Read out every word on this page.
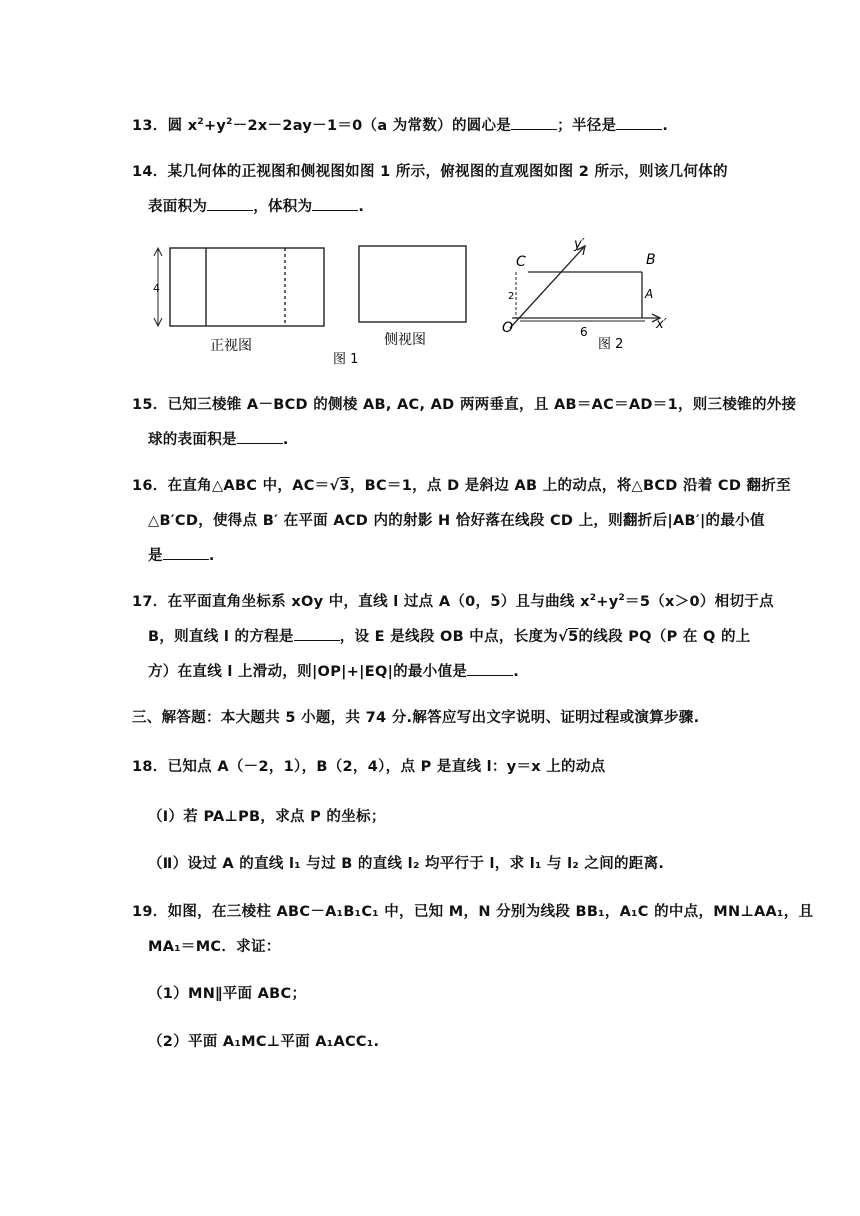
13．圆 $x^2+y^2-2x-2ay-1=0(a$ 为常数）的圆心是	；半径是	.
14．某几何体的正视图和侧视图如图 1 所示，俯视图的直观图如图 2 所示，则该几何体的
表面积为	，体积为	.
4
正视图	侧视图
图 1
C	B
A
O
y′
x′
2
6
图 2
15．已知三棱锥 A－BCD 的侧棱 AB, AC, AD 两两垂直，且 AB＝AC＝AD＝1，则三棱锥的外接
球的表面积是	.
16．在直角△ABC 中，AC＝√3，BC＝1，点 D 是斜边 AB 上的动点，将△BCD 沿着 CD 翻折至
△B′CD，使得点 B′ 在平面 ACD 内的射影 H 恰好落在线段 CD 上，则翻折后|AB′|的最小值
是	.
17．在平面直角坐标系 xOy 中，直线 l 过点 A（0，5）且与曲线 $x^2+y^2=5(x>0)$相切于点
B，则直线 l 的方程是	，设 E 是线段 OB 中点，长度为√5的线段 PQ（P 在 Q 的上
方）在直线 l 上滑动，则|OP|+|EQ|的最小值是	.
三、解答题：本大题共 5 小题，共 74 分.解答应写出文字说明、证明过程或演算步骤.
18．已知点 A（－2，1），B（2，4），点 P 是直线 l：y＝x 上的动点
（Ⅰ）若 PA⊥PB，求点 P 的坐标；
（Ⅱ）设过 A 的直线 l₁ 与过 B 的直线 l₂ 均平行于 l，求 l₁ 与 l₂ 之间的距离.
19．如图，在三棱柱 ABC－A₁B₁C₁ 中，已知 M，N 分别为线段 BB₁，A₁C 的中点，MN⊥AA₁，且
MA₁＝MC．求证：
（1）MN∥平面 ABC；
（2）平面 A₁MC⊥平面 A₁ACC₁.
